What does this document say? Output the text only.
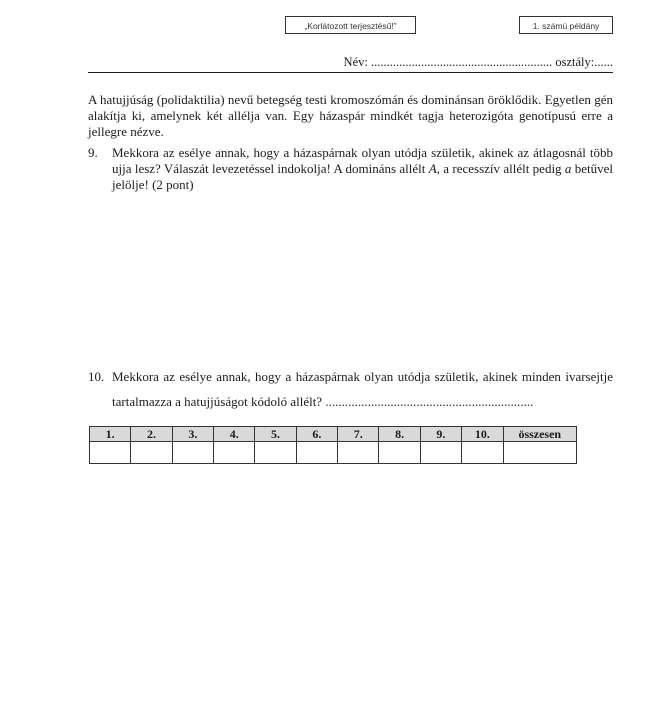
„Korlátozott terjesztésű!”	1. számú példány
Név: .......................................................... osztály:......
A hatujjúság (polidaktilia) nevű betegség testi kromoszómán és dominánsan öröklődik. Egyetlen gén alakítja ki, amelynek két allélja van. Egy házaspár mindkét tagja heterozigóta genotípusú erre a jellegre nézve.
9. Mekkora az esélye annak, hogy a házaspárnak olyan utódja születik, akinek az átlagosnál több ujja lesz? Válaszát levezetéssel indokolja! A domináns allélt A, a recesszív allélt pedig a betűvel jelölje! (2 pont)
10. Mekkora az esélye annak, hogy a házaspárnak olyan utódja születik, akinek minden ivarsejtje tartalmazza a hatujjúságot kódoló allélt? ................................................................
1.	2.	3.	4.	5.	6.	7.	8.	9.	10.	összesen
